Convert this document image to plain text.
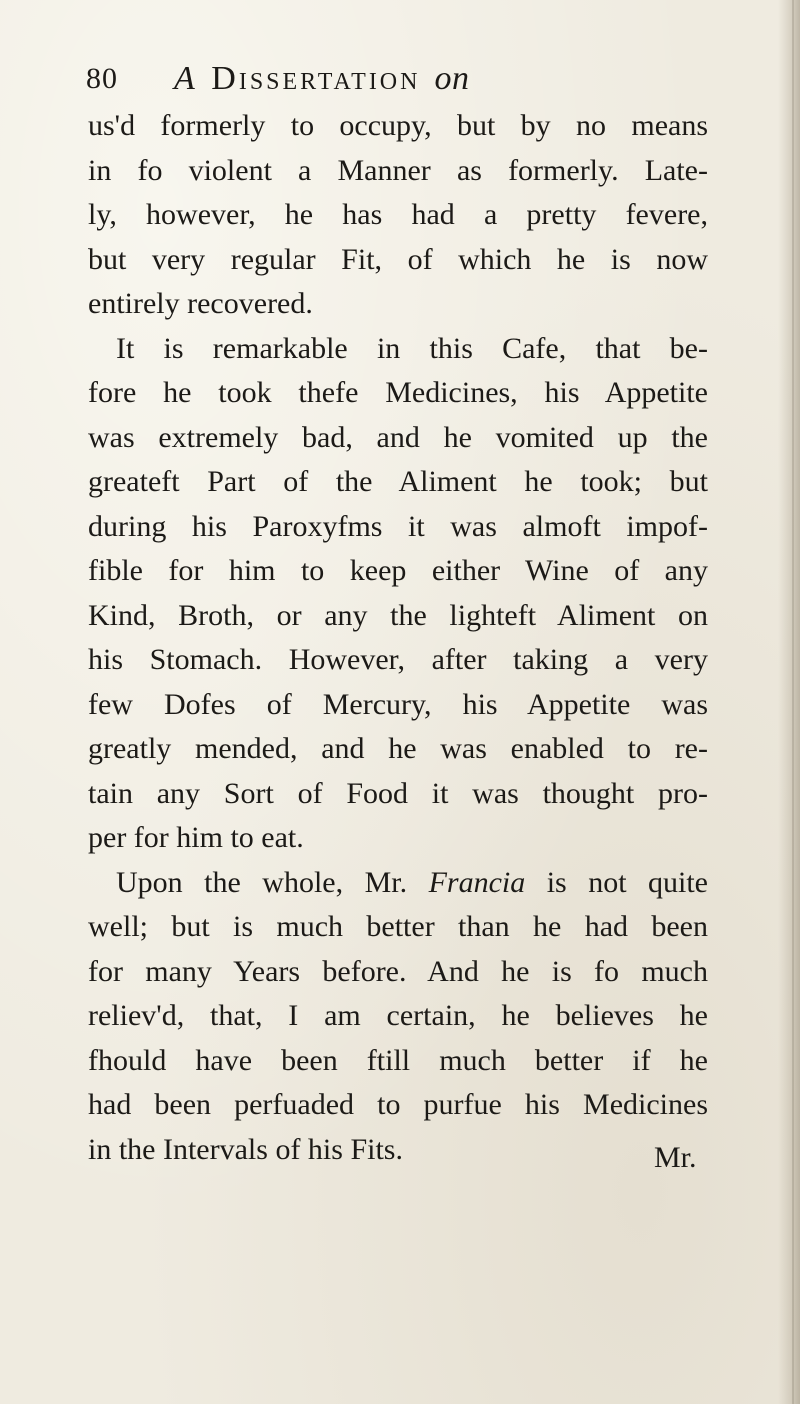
80 A Dissertation on
us'd formerly to occupy, but by no means
in fo violent a Manner as formerly. Late-
ly, however, he has had a pretty fevere,
but very regular Fit, of which he is now
entirely recovered.
It is remarkable in this Cafe, that be-
fore he took thefe Medicines, his Appetite
was extremely bad, and he vomited up the
greateft Part of the Aliment he took; but
during his Paroxyfms it was almoft impof-
fible for him to keep either Wine of any
Kind, Broth, or any the lighteft Aliment on
his Stomach. However, after taking a very
few Dofes of Mercury, his Appetite was
greatly mended, and he was enabled to re-
tain any Sort of Food it was thought pro-
per for him to eat.
Upon the whole, Mr. Francia is not quite
well; but is much better than he had been
for many Years before. And he is fo much
reliev'd, that, I am certain, he believes he
fhould have been ftill much better if he
had been perfuaded to purfue his Medicines
in the Intervals of his Fits.	Mr.
